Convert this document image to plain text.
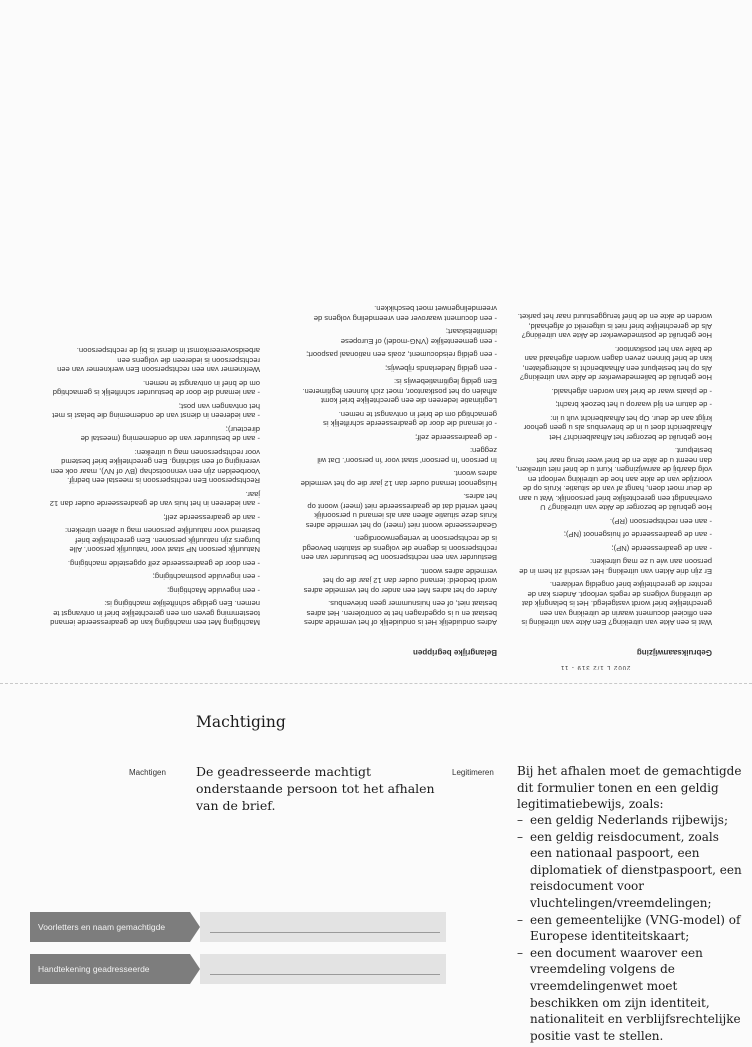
2002 L 1/2 319 - 11
Gebruiksaanwijzing

Wat is een Akte van uitreiking? Een Akte van uitreiking is een officieel document waarin de uitreiking van een gerechtelijke brief wordt vastgelegd. Het is belangrijk dat de uitreiking volgens de regels verloopt. Anders kan de rechter de gerechtelijke brief ongeldig verklaren.

Er zijn drie Akten van uitreiking. Het verschil zit hem in de persoon aan wie u ze mag uitreiken:

- aan de geadresseerde (NP);

- aan de geadresseerde of huisgenoot (NP);

- aan een rechtspersoon (RP).

Hoe gebruikt de bezorger de Akte van uitreiking? U overhandigt een gerechtelijke brief persoonlijk. Wat u aan de deur moet doen, hangt af van de situatie. Kruis op de voorzijde van de akte aan hoe de uitreiking verloopt en volg daarbij de aanwijzingen. Kunt u de brief niet uitreiken, dan neemt u de akte en de brief weer terug naar het bestelpunt.

Hoe gebruikt de bezorger het Afhaalbericht? Het Afhaalbericht doet u in de brievenbus als u geen gehoor krijgt aan de deur. Op het Afhaalbericht vult u in:

- de datum en tijd waarop u het bezoek bracht;

- de plaats waar de brief kan worden afgehaald.

Hoe gebruikt de baliemedewerker de Akte van uitreiking? Als op het bestelpunt een Afhaalbericht is achtergelaten, kan de brief binnen zeven dagen worden afgehaald aan de balie van het postkantoor.

Hoe gebruikt de postmedewerker de Akte van uitreiking? Als de gerechtelijke brief niet is uitgereikt of afgehaald, worden de akte en de brief teruggestuurd naar het parket.

Belangrijke begrippen

Adres onduidelijk Het is onduidelijk of het vermelde adres bestaat en u is opgedragen het te controleren. Het adres bestaat niet, of een huisnummer geen brievenbus.

Ander op het adres Met een ander op het vermelde adres wordt bedoeld: iemand ouder dan 12 jaar die op het vermelde adres woont.

Bestuurder van een rechtspersoon De bestuurder van een rechtspersoon is degene die volgens de statuten bevoegd is de rechtspersoon te vertegenwoordigen.

Geadresseerde woont niet (meer) op het vermelde adres Kruis deze situatie alleen aan als iemand u persoonlijk heeft verteld dat de geadresseerde niet (meer) woont op het adres.

Huisgenoot Iemand ouder dan 12 jaar die op het vermelde adres woont.

In persoon 'In persoon' staat voor 'in persoon'. Dat wil zeggen:

- de geadresseerde zelf;

- of iemand die door de geadresseerde schriftelijk is gemachtigd om de brief in ontvangst te nemen.

Legitimatie Iedereen die een gerechtelijke brief komt afhalen op het postkantoor, moet zich kunnen legitimeren. Een geldig legitimatiebewijs is:

- een geldig Nederlands rijbewijs;

- een geldig reisdocument, zoals een nationaal paspoort;

- een gemeentelijke (VNG-model) of Europese identiteitskaart;

- een document waarover een vreemdeling volgens de vreemdelingenwet moet beschikken.

Machtiging Met een machtiging kan de geadresseerde iemand toestemming geven om een gerechtelijke brief in ontvangst te nemen. Een geldige schriftelijke machtiging is:

- een ingevulde Machtiging;

- een ingevulde postmachtiging;

- een door de geadresseerde zelf opgestelde machtiging.

Natuurlijk persoon NP staat voor 'natuurlijk persoon'. Alle burgers zijn natuurlijk personen. Een gerechtelijke brief bestemd voor natuurlijke personen mag u alleen uitreiken:

- aan de geadresseerde zelf;

- aan iedereen in het huis van de geadresseerde ouder dan 12 jaar.

Rechtspersoon Een rechtspersoon is meestal een bedrijf. Voorbeelden zijn een vennootschap (BV of NV), maar ook een vereniging of een stichting. Een gerechtelijke brief bestemd voor rechtspersonen mag u uitreiken:

- aan de bestuurder van de onderneming (meestal de directeur);

- aan iedereen in dienst van de onderneming die belast is met het ontvangen van post;

- aan iemand die door de bestuurder schriftelijk is gemachtigd om de brief in ontvangst te nemen.

Werknemer van een rechtspersoon Een werknemer van een rechtspersoon is iedereen die volgens een arbeidsovereenkomst in dienst is bij de rechtspersoon.

Machtiging
Machtigen De geadresseerde machtigt onderstaande persoon tot het afhalen van de brief.
Legitimeren Bij het afhalen moet de gemachtigde dit formulier tonen en een geldig legitimatiebewijs, zoals:
– een geldig Nederlands rijbewijs;
– een geldig reisdocument, zoals een nationaal paspoort, een diplomatiek of dienstpaspoort, een reisdocument voor vluchtelingen/vreemdelingen;
– een gemeentelijke (VNG-model) of Europese identiteitskaart;
– een document waarover een vreemdeling volgens de vreemdelingenwet moet beschikken om zijn identiteit, nationaliteit en verblijfsrechtelijke positie vast te stellen.
Voorletters en naam gemachtigde
Handtekening geadresseerde
